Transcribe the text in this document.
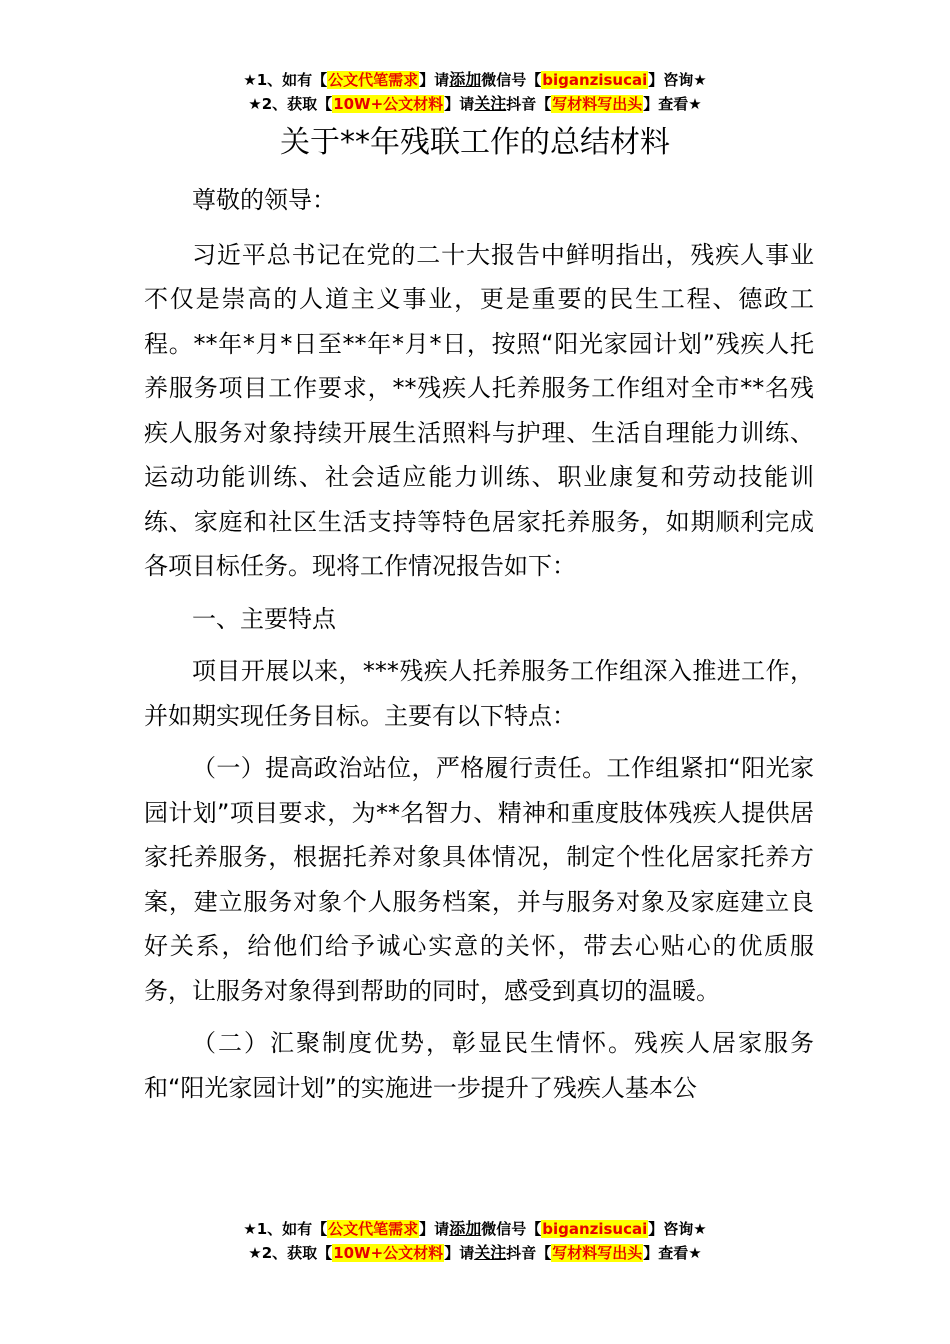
★1、如有【公文代笔需求】请添加微信号【biganzisucai】咨询★
★2、获取【10W+公文材料】请关注抖音【写材料写出头】查看★
关于**年残联工作的总结材料

尊敬的领导：

习近平总书记在党的二十大报告中鲜明指出，残疾人事业不仅是崇高的人道主义事业，更是重要的民生工程、德政工程。**年*月*日至**年*月*日，按照“阳光家园计划”残疾人托养服务项目工作要求，**残疾人托养服务工作组对全市**名残疾人服务对象持续开展生活照料与护理、生活自理能力训练、运动功能训练、社会适应能力训练、职业康复和劳动技能训练、家庭和社区生活支持等特色居家托养服务，如期顺利完成各项目标任务。现将工作情况报告如下：

一、主要特点

项目开展以来，***残疾人托养服务工作组深入推进工作，并如期实现任务目标。主要有以下特点：

（一）提高政治站位，严格履行责任。工作组紧扣“阳光家园计划”项目要求，为**名智力、精神和重度肢体残疾人提供居家托养服务，根据托养对象具体情况，制定个性化居家托养方案，建立服务对象个人服务档案，并与服务对象及家庭建立良好关系，给他们给予诚心实意的关怀，带去心贴心的优质服务，让服务对象得到帮助的同时，感受到真切的温暖。

（二）汇聚制度优势，彰显民生情怀。残疾人居家服务和“阳光家园计划”的实施进一步提升了残疾人基本公

★1、如有【公文代笔需求】请添加微信号【biganzisucai】咨询★
★2、获取【10W+公文材料】请关注抖音【写材料写出头】查看★
